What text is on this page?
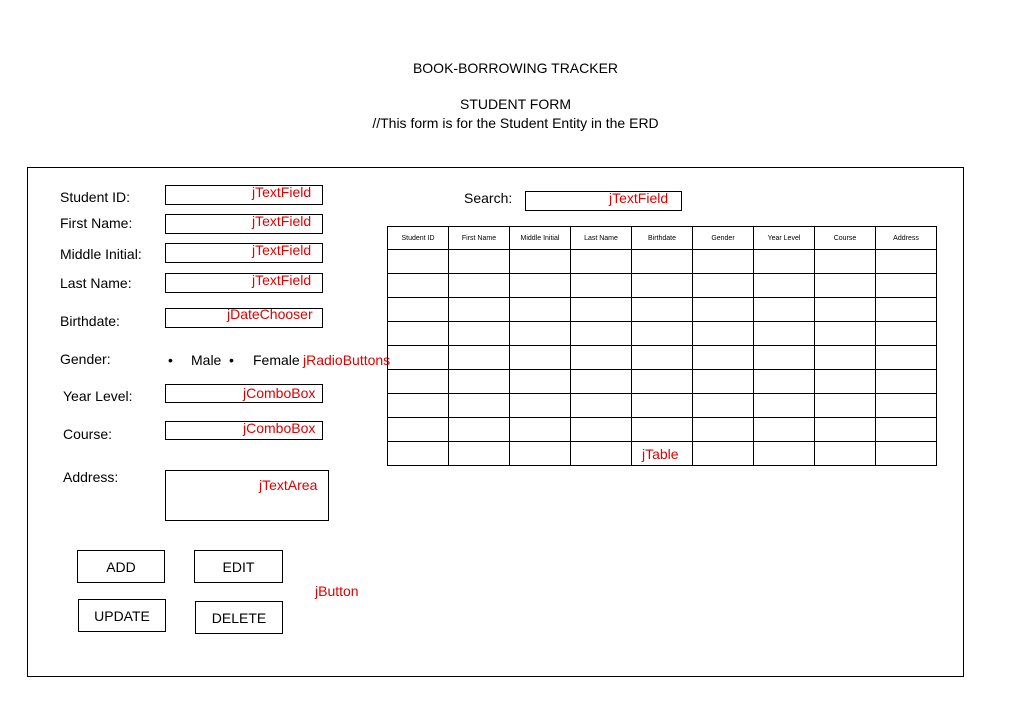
BOOK-BORROWING TRACKER
STUDENT FORM
//This form is for the Student Entity in the ERD
Student ID:	jTextField
First Name:	jTextField
Middle Initial:	jTextField
Last Name:	jTextField
Birthdate:	jDateChooser
Gender:	• Male • Female jRadioButtons
Year Level:	jComboBox
Course:	jComboBox
Address:	jTextArea
Search:	jTextField
Student ID	First Name	Middle Initial	Last Name	Birthdate	Gender	Year Level	Course	Address

jTable
ADD	EDIT
UPDATE	DELETE
jButton
